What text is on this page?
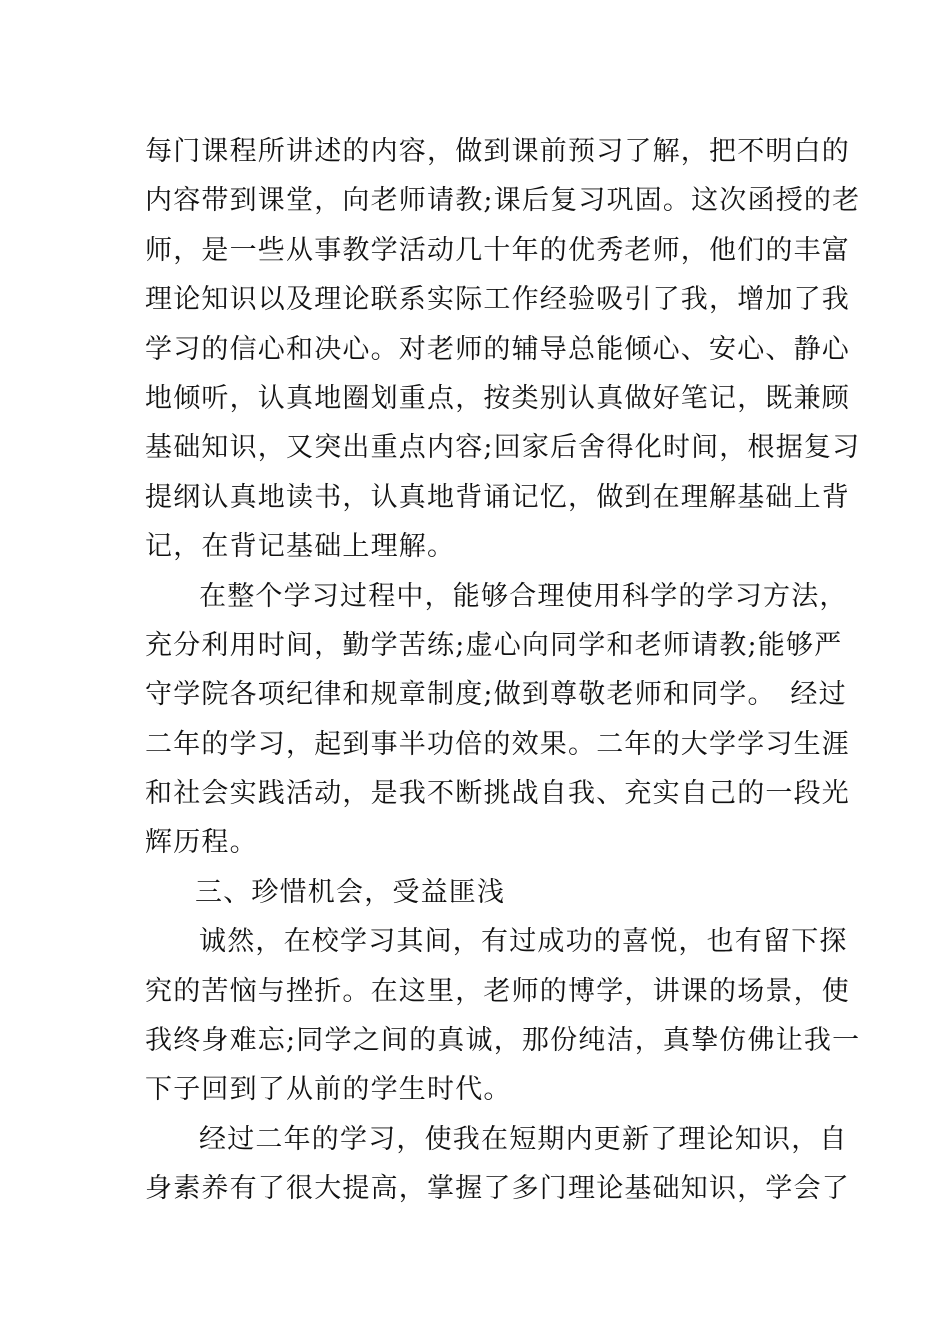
每门课程所讲述的内容，做到课前预习了解，把不明白的
内容带到课堂，向老师请教;课后复习巩固。这次函授的老
师，是一些从事教学活动几十年的优秀老师，他们的丰富
理论知识以及理论联系实际工作经验吸引了我，增加了我
学习的信心和决心。对老师的辅导总能倾心、安心、静心
地倾听，认真地圈划重点，按类别认真做好笔记，既兼顾
基础知识，又突出重点内容;回家后舍得化时间，根据复习
提纲认真地读书，认真地背诵记忆，做到在理解基础上背
记，在背记基础上理解。
在整个学习过程中，能够合理使用科学的学习方法，
充分利用时间，勤学苦练;虚心向同学和老师请教;能够严
守学院各项纪律和规章制度;做到尊敬老师和同学。　经过
二年的学习，起到事半功倍的效果。二年的大学学习生涯
和社会实践活动，是我不断挑战自我、充实自己的一段光
辉历程。
三、珍惜机会，受益匪浅
诚然，在校学习其间，有过成功的喜悦，也有留下探
究的苦恼与挫折。在这里，老师的博学，讲课的场景，使
我终身难忘;同学之间的真诚，那份纯洁，真挚仿佛让我一
下子回到了从前的学生时代。
经过二年的学习，使我在短期内更新了理论知识，自
身素养有了很大提高，掌握了多门理论基础知识，学会了
